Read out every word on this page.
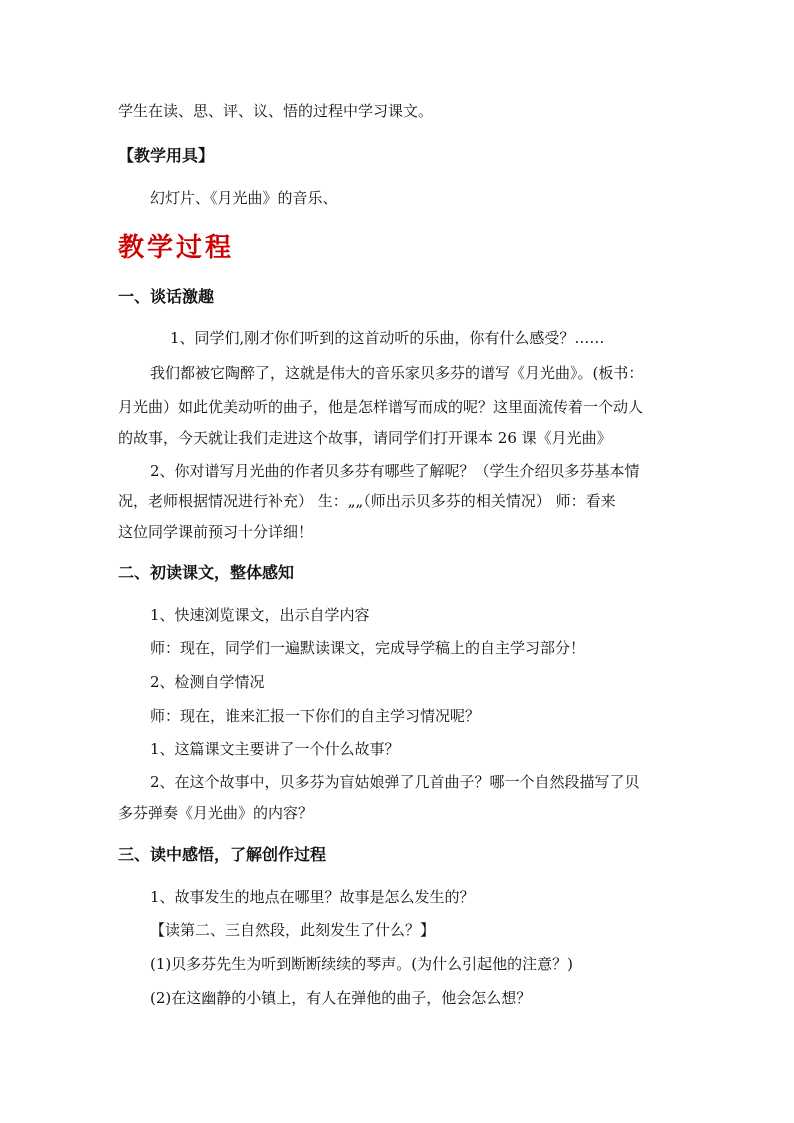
学生在读、思、评、议、悟的过程中学习课文。
【教学用具】
幻灯片、《月光曲》的音乐、
教学过程
一、谈话激趣
1、同学们,刚才你们听到的这首动听的乐曲，你有什么感受？……
我们都被它陶醉了，这就是伟大的音乐家贝多芬的谱写《月光曲》。(板书：
月光曲）如此优美动听的曲子，他是怎样谱写而成的呢？这里面流传着一个动人
的故事，今天就让我们走进这个故事，请同学们打开课本 26 课《月光曲》
2、你对谱写月光曲的作者贝多芬有哪些了解呢？（学生介绍贝多芬基本情
况，老师根据情况进行补充） 生：„„（师出示贝多芬的相关情况） 师：看来
这位同学课前预习十分详细！
二、初读课文，整体感知
1、快速浏览课文，出示自学内容
师：现在，同学们一遍默读课文，完成导学稿上的自主学习部分！
2、检测自学情况
师：现在，谁来汇报一下你们的自主学习情况呢？
1、这篇课文主要讲了一个什么故事？
2、在这个故事中，贝多芬为盲姑娘弹了几首曲子？哪一个自然段描写了贝
多芬弹奏《月光曲》的内容？
三、读中感悟，了解创作过程
1、故事发生的地点在哪里？故事是怎么发生的？
【读第二、三自然段，此刻发生了什么？】
(1)贝多芬先生为听到断断续续的琴声。(为什么引起他的注意？)
(2)在这幽静的小镇上，有人在弹他的曲子，他会怎么想？
